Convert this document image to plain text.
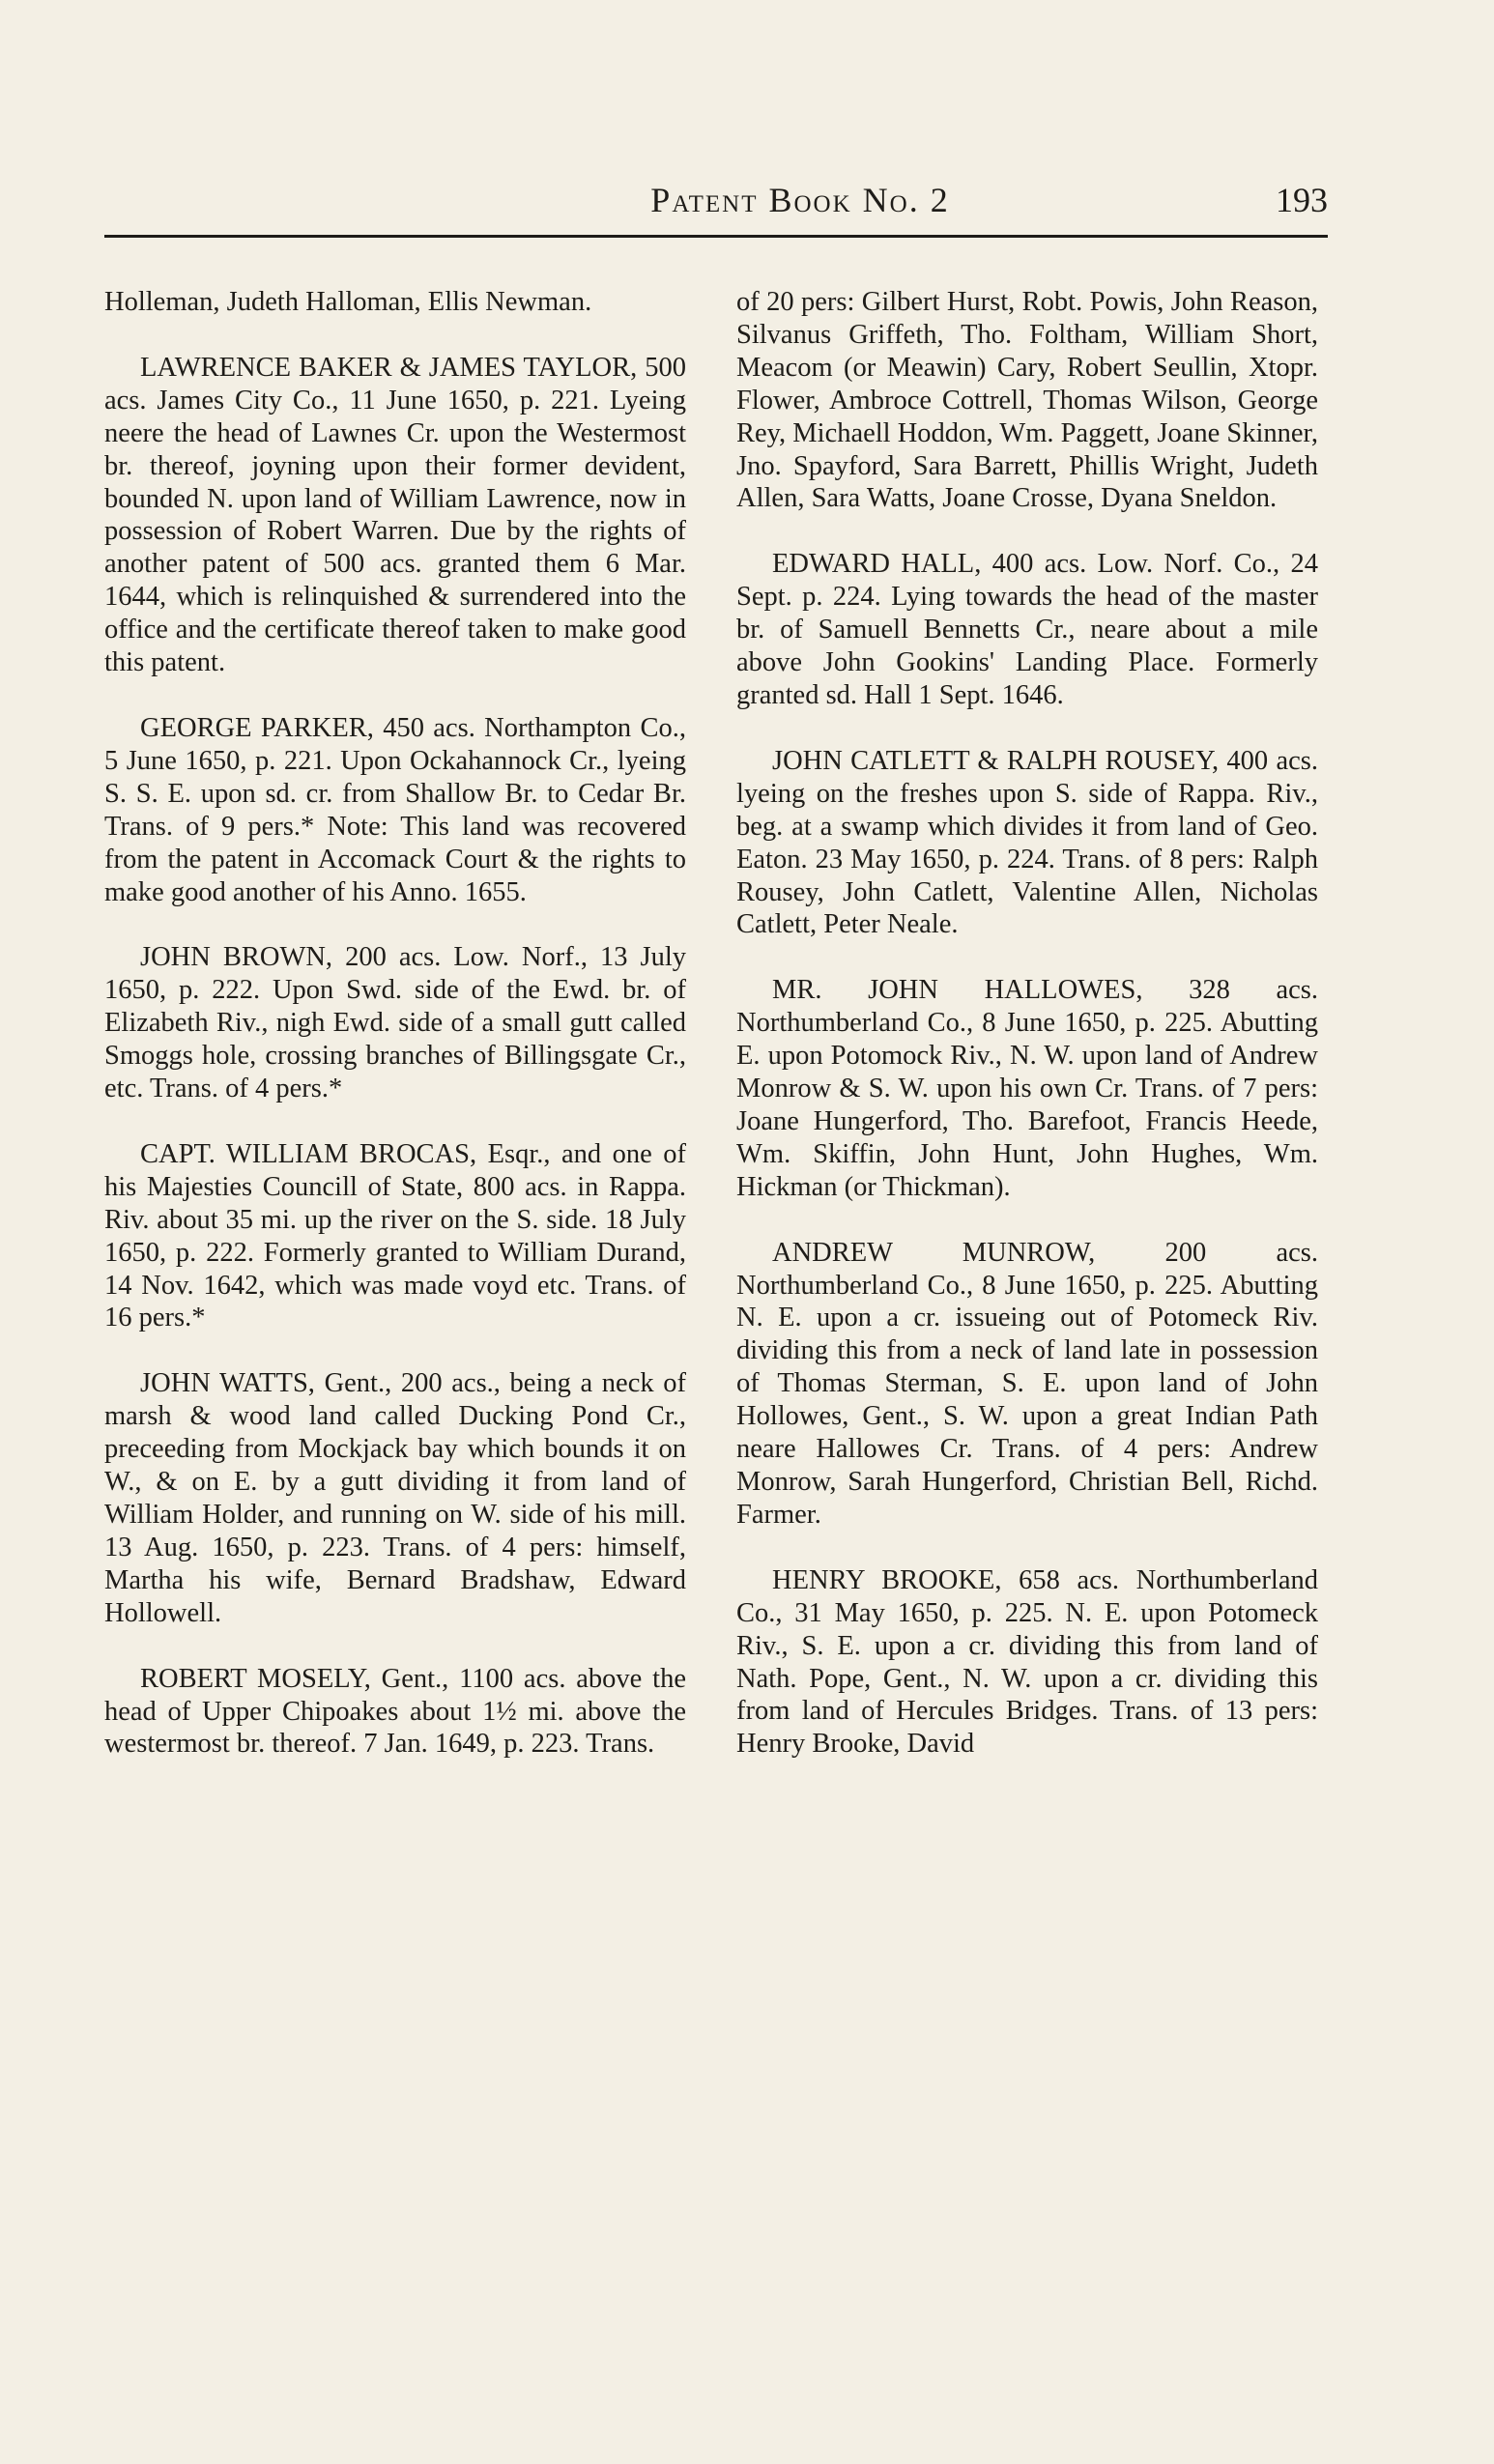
Patent Book No. 2	193

Holleman, Judeth Halloman, Ellis Newman.

LAWRENCE BAKER & JAMES TAYLOR, 500 acs. James City Co., 11 June 1650, p. 221. Lyeing neere the head of Lawnes Cr. upon the Westermost br. thereof, joyning upon their former devident, bounded N. upon land of William Lawrence, now in possession of Robert Warren. Due by the rights of another patent of 500 acs. granted them 6 Mar. 1644, which is relinquished & surrendered into the office and the certificate thereof taken to make good this patent.

GEORGE PARKER, 450 acs. Northampton Co., 5 June 1650, p. 221. Upon Ockahannock Cr., lyeing S. S. E. upon sd. cr. from Shallow Br. to Cedar Br. Trans. of 9 pers.* Note: This land was recovered from the patent in Accomack Court & the rights to make good another of his Anno. 1655.

JOHN BROWN, 200 acs. Low. Norf., 13 July 1650, p. 222. Upon Swd. side of the Ewd. br. of Elizabeth Riv., nigh Ewd. side of a small gutt called Smoggs hole, crossing branches of Billingsgate Cr., etc. Trans. of 4 pers.*

CAPT. WILLIAM BROCAS, Esqr., and one of his Majesties Councill of State, 800 acs. in Rappa. Riv. about 35 mi. up the river on the S. side. 18 July 1650, p. 222. Formerly granted to William Durand, 14 Nov. 1642, which was made voyd etc. Trans. of 16 pers.*

JOHN WATTS, Gent., 200 acs., being a neck of marsh & wood land called Ducking Pond Cr., preceeding from Mockjack bay which bounds it on W., & on E. by a gutt dividing it from land of William Holder, and running on W. side of his mill. 13 Aug. 1650, p. 223. Trans. of 4 pers: himself, Martha his wife, Bernard Bradshaw, Edward Hollowell.

ROBERT MOSELY, Gent., 1100 acs. above the head of Upper Chipoakes about 1½ mi. above the westermost br. thereof. 7 Jan. 1649, p. 223. Trans.

of 20 pers: Gilbert Hurst, Robt. Powis, John Reason, Silvanus Griffeth, Tho. Foltham, William Short, Meacom (or Meawin) Cary, Robert Seullin, Xtopr. Flower, Ambroce Cottrell, Thomas Wilson, George Rey, Michaell Hoddon, Wm. Paggett, Joane Skinner, Jno. Spayford, Sara Barrett, Phillis Wright, Judeth Allen, Sara Watts, Joane Crosse, Dyana Sneldon.

EDWARD HALL, 400 acs. Low. Norf. Co., 24 Sept. p. 224. Lying towards the head of the master br. of Samuell Bennetts Cr., neare about a mile above John Gookins' Landing Place. Formerly granted sd. Hall 1 Sept. 1646.

JOHN CATLETT & RALPH ROUSEY, 400 acs. lyeing on the freshes upon S. side of Rappa. Riv., beg. at a swamp which divides it from land of Geo. Eaton. 23 May 1650, p. 224. Trans. of 8 pers: Ralph Rousey, John Catlett, Valentine Allen, Nicholas Catlett, Peter Neale.

MR. JOHN HALLOWES, 328 acs. Northumberland Co., 8 June 1650, p. 225. Abutting E. upon Potomock Riv., N. W. upon land of Andrew Monrow & S. W. upon his own Cr. Trans. of 7 pers: Joane Hungerford, Tho. Barefoot, Francis Heede, Wm. Skiffin, John Hunt, John Hughes, Wm. Hickman (or Thickman).

ANDREW MUNROW, 200 acs. Northumberland Co., 8 June 1650, p. 225. Abutting N. E. upon a cr. issueing out of Potomeck Riv. dividing this from a neck of land late in possession of Thomas Sterman, S. E. upon land of John Hollowes, Gent., S. W. upon a great Indian Path neare Hallowes Cr. Trans. of 4 pers: Andrew Monrow, Sarah Hungerford, Christian Bell, Richd. Farmer.

HENRY BROOKE, 658 acs. Northumberland Co., 31 May 1650, p. 225. N. E. upon Potomeck Riv., S. E. upon a cr. dividing this from land of Nath. Pope, Gent., N. W. upon a cr. dividing this from land of Hercules Bridges. Trans. of 13 pers: Henry Brooke, David
